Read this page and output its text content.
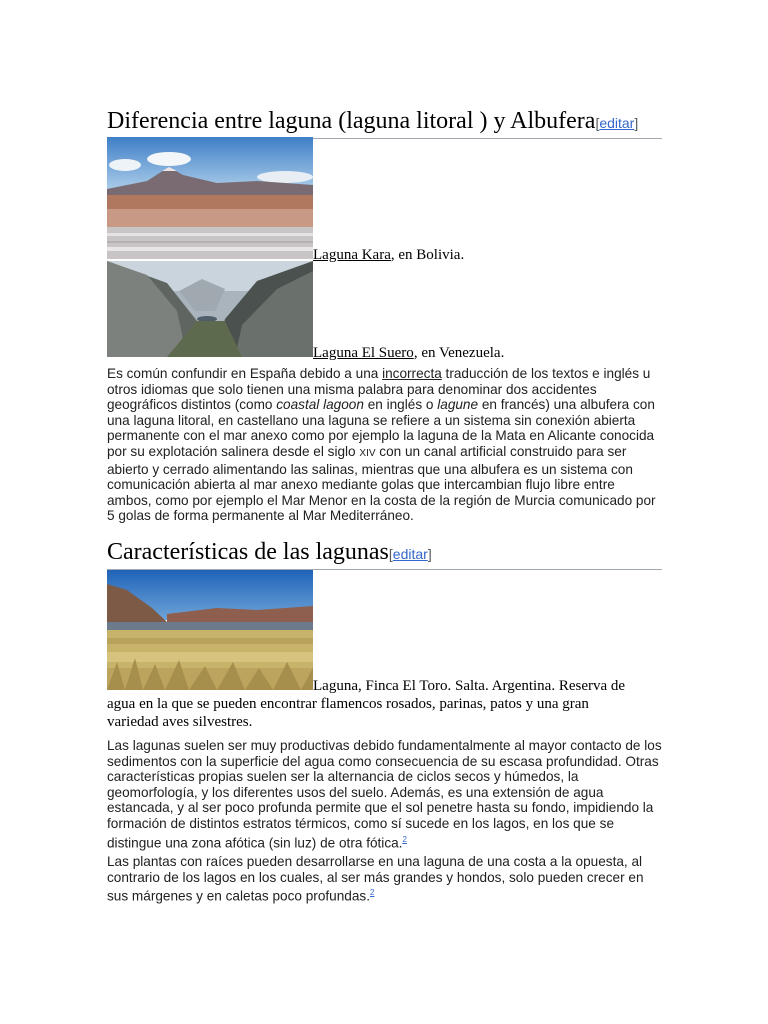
Diferencia entre laguna (laguna litoral ) y Albufera[editar]
Laguna Kara, en Bolivia.
Laguna El Suero, en Venezuela.

Es común confundir en España debido a una incorrecta traducción de los textos e inglés u otros idiomas que solo tienen una misma palabra para denominar dos accidentes geográficos distintos (como coastal lagoon en inglés o lagune en francés) una albufera con una laguna litoral, en castellano una laguna se refiere a un sistema sin conexión abierta permanente con el mar anexo como por ejemplo la laguna de la Mata en Alicante conocida por su explotación salinera desde el siglo XIV con un canal artificial construido para ser abierto y cerrado alimentando las salinas, mientras que una albufera es un sistema con comunicación abierta al mar anexo mediante golas que intercambian flujo libre entre ambos, como por ejemplo el Mar Menor en la costa de la región de Murcia comunicado por 5 golas de forma permanente al Mar Mediterráneo.

Características de las lagunas[editar]
Laguna, Finca El Toro. Salta. Argentina. Reserva de agua en la que se pueden encontrar flamencos rosados, parinas, patos y una gran variedad aves silvestres.

Las lagunas suelen ser muy productivas debido fundamentalmente al mayor contacto de los sedimentos con la superficie del agua como consecuencia de su escasa profundidad. Otras características propias suelen ser la alternancia de ciclos secos y húmedos, la geomorfología, y los diferentes usos del suelo. Además, es una extensión de agua estancada, y al ser poco profunda permite que el sol penetre hasta su fondo, impidiendo la formación de distintos estratos térmicos, como sí sucede en los lagos, en los que se distingue una zona afótica (sin luz) de otra fótica.$^2$

Las plantas con raíces pueden desarrollarse en una laguna de una costa a la opuesta, al contrario de los lagos en los cuales, al ser más grandes y hondos, solo pueden crecer en sus márgenes y en caletas poco profundas.$^2$
